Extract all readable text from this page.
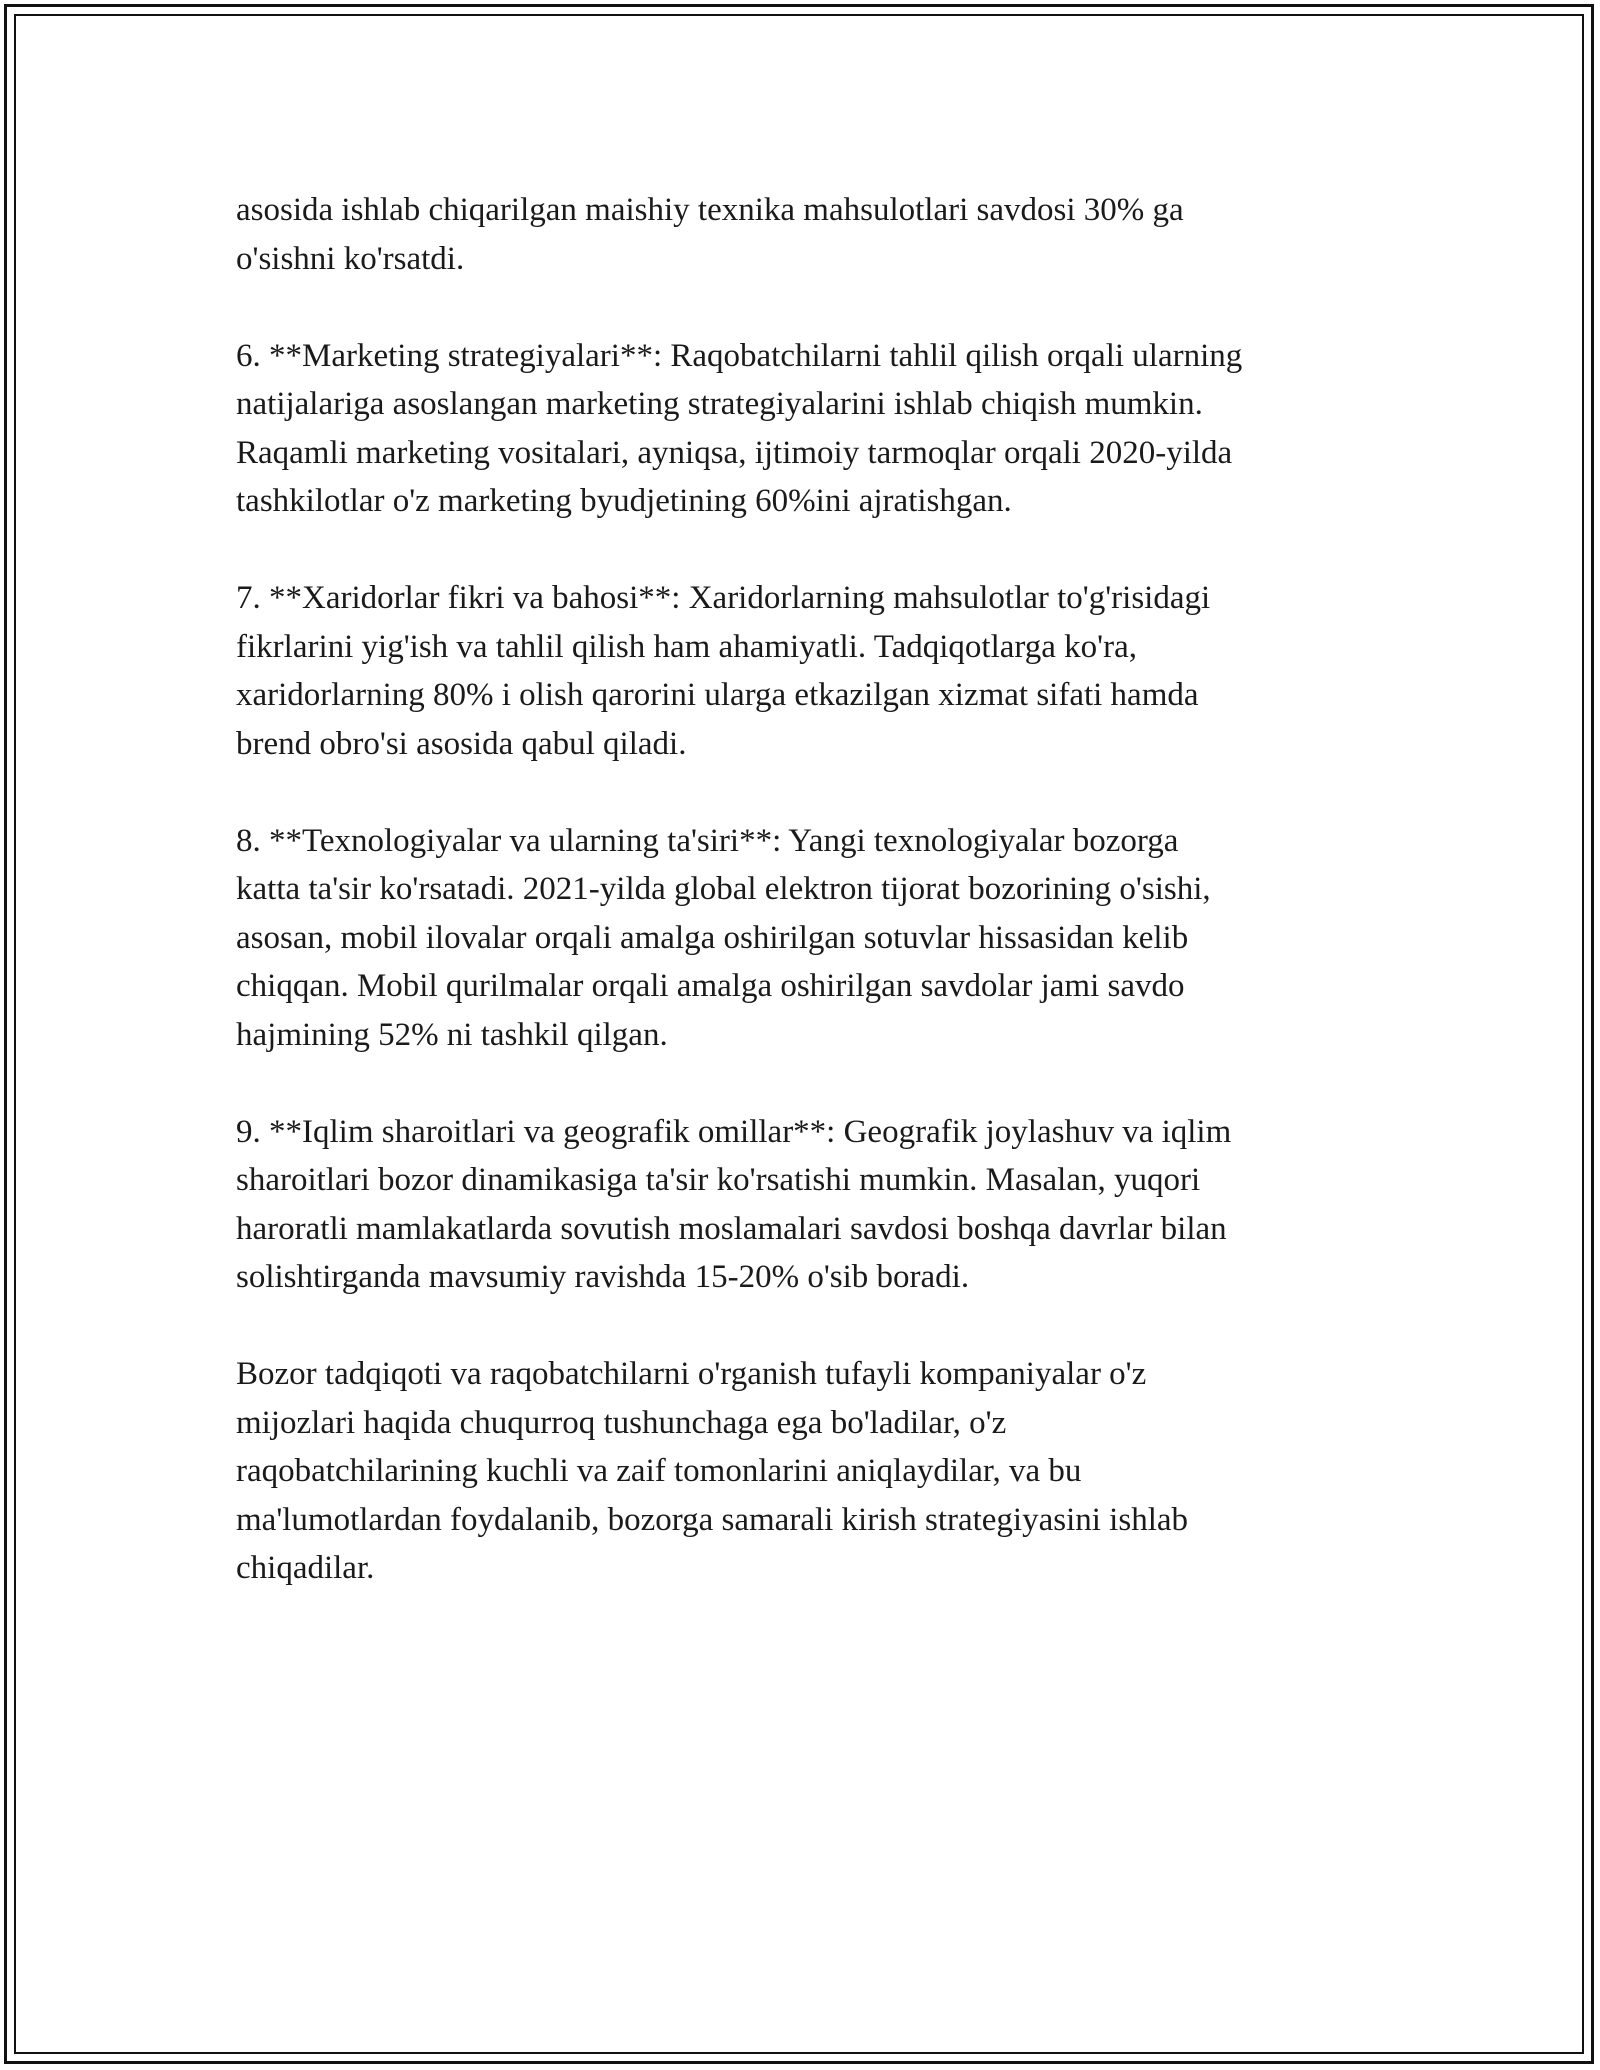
asosida ishlab chiqarilgan maishiy texnika mahsulotlari savdosi 30% ga
o'sishni ko'rsatdi.

6. **Marketing strategiyalari**: Raqobatchilarni tahlil qilish orqali ularning
natijalariga asoslangan marketing strategiyalarini ishlab chiqish mumkin.
Raqamli marketing vositalari, ayniqsa, ijtimoiy tarmoqlar orqali 2020-yilda
tashkilotlar o'z marketing byudjetining 60%ini ajratishgan.

7. **Xaridorlar fikri va bahosi**: Xaridorlarning mahsulotlar to'g'risidagi
fikrlarini yig'ish va tahlil qilish ham ahamiyatli. Tadqiqotlarga ko'ra,
xaridorlarning 80% i olish qarorini ularga etkazilgan xizmat sifati hamda
brend obro'si asosida qabul qiladi.

8. **Texnologiyalar va ularning ta'siri**: Yangi texnologiyalar bozorga
katta ta'sir ko'rsatadi. 2021-yilda global elektron tijorat bozorining o'sishi,
asosan, mobil ilovalar orqali amalga oshirilgan sotuvlar hissasidan kelib
chiqqan. Mobil qurilmalar orqali amalga oshirilgan savdolar jami savdo
hajmining 52% ni tashkil qilgan.

9. **Iqlim sharoitlari va geografik omillar**: Geografik joylashuv va iqlim
sharoitlari bozor dinamikasiga ta'sir ko'rsatishi mumkin. Masalan, yuqori
haroratli mamlakatlarda sovutish moslamalari savdosi boshqa davrlar bilan
solishtirganda mavsumiy ravishda 15-20% o'sib boradi.

Bozor tadqiqoti va raqobatchilarni o'rganish tufayli kompaniyalar o'z
mijozlari haqida chuqurroq tushunchaga ega bo'ladilar, o'z
raqobatchilarining kuchli va zaif tomonlarini aniqlaydilar, va bu
ma'lumotlardan foydalanib, bozorga samarali kirish strategiyasini ishlab
chiqadilar.
